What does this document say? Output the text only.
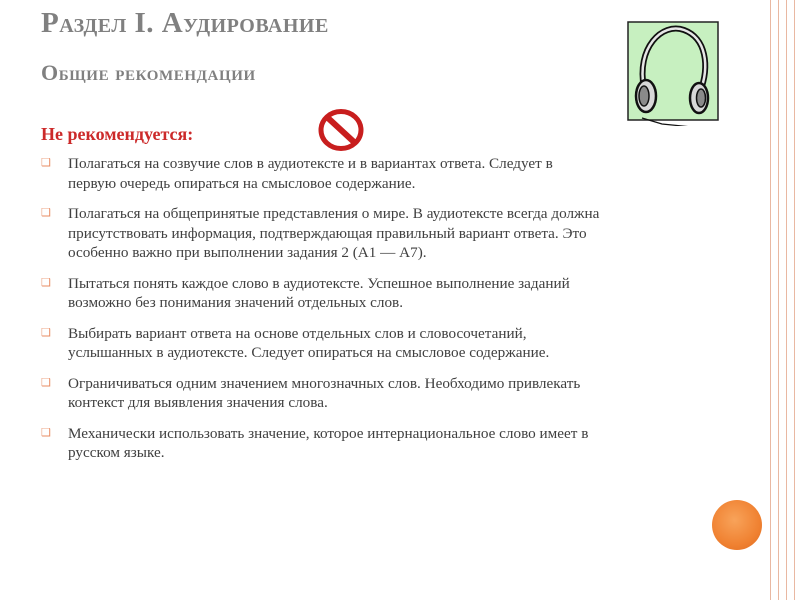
Раздел I. Аудирование
Общие рекомендации
Не рекомендуется:
❑ Полагаться на созвучие слов в аудиотексте и в вариантах ответа. Следует в
первую очередь опираться на смысловое содержание.
❑ Полагаться на общепринятые представления о мире. В аудиотексте всегда должна
присутствовать информация, подтверждающая правильный вариант ответа. Это
особенно важно при выполнении задания 2 (А1 — А7).
❑ Пытаться понять каждое слово в аудиотексте. Успешное выполнение заданий
возможно без понимания значений отдельных слов.
❑ Выбирать вариант ответа на основе отдельных слов и словосочетаний,
услышанных в аудиотексте. Следует опираться на смысловое содержание.
❑ Ограничиваться одним значением многозначных слов. Необходимо привлекать
контекст для выявления значения слова.
❑ Механически использовать значение, которое интернациональное слово имеет в
русском языке.
